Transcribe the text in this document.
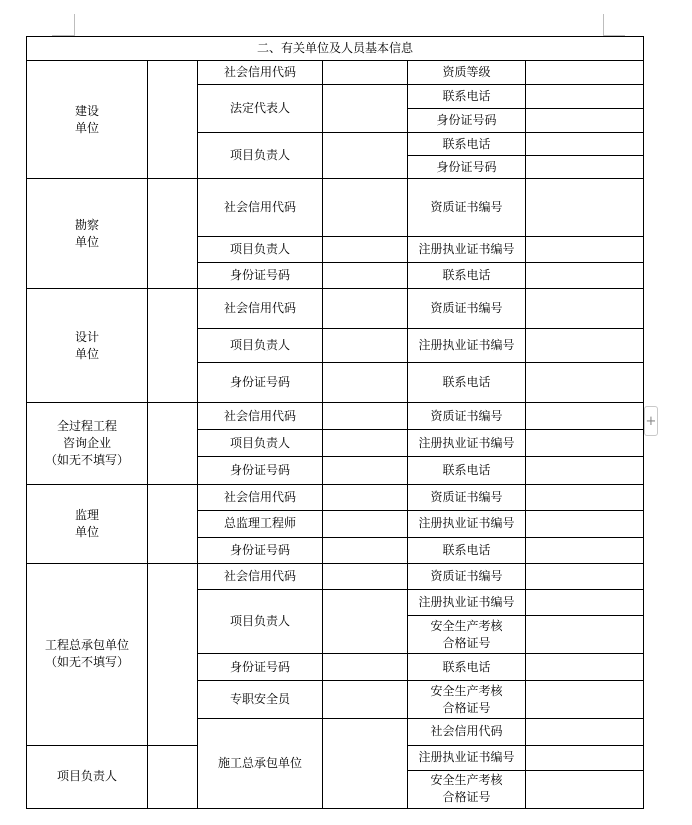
+
二、有关单位及人员基本信息						
建设
单位		社会信用代码		资质等级		
		法定代表人		联系电话		
				身份证号码		
		项目负责人		联系电话		
				身份证号码		
勘察
单位		社会信用代码		资质证书编号		
		项目负责人		注册执业证书编号		
		身份证号码		联系电话		
设计
单位		社会信用代码		资质证书编号		
		项目负责人		注册执业证书编号		
		身份证号码		联系电话		
全过程工程
咨询企业
（如无不填写）		社会信用代码		资质证书编号		
		项目负责人		注册执业证书编号		
		身份证号码		联系电话		
监理
单位		社会信用代码		资质证书编号		
		总监理工程师		注册执业证书编号		
		身份证号码		联系电话		
工程总承包单位
（如无不填写）		社会信用代码		资质证书编号		
		项目负责人		注册执业证书编号		
				安全生产考核
合格证号		
		身份证号码		联系电话		
		专职安全员		安全生产考核
合格证号		
		施工总承包单位		社会信用代码			
项目负责人				注册执业证书编号		
				安全生产考核
合格证号		
